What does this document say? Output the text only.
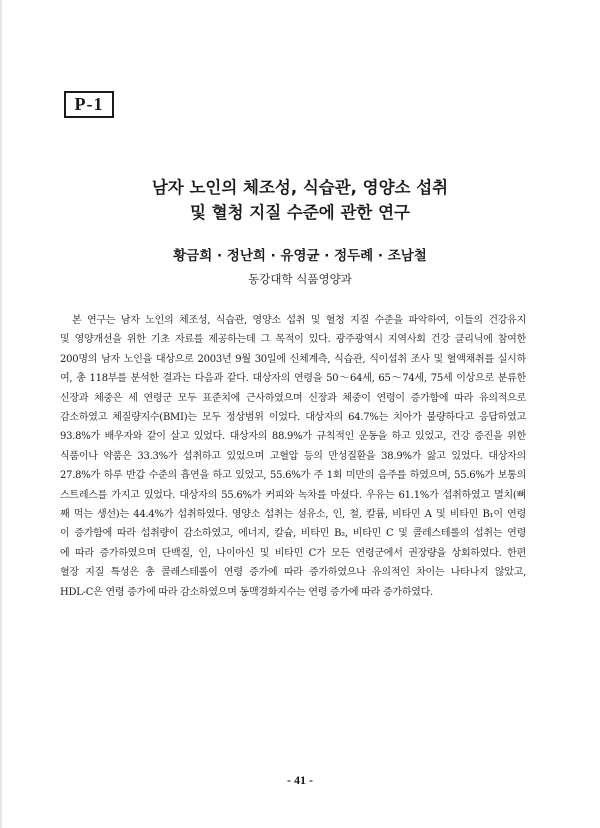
P-1
남자 노인의 체조성, 식습관, 영양소 섭취
및 혈청 지질 수준에 관한 연구
황금희 · 정난희 · 유영균 · 정두례 · 조남철
동강대학 식품영양과
본 연구는 남자 노인의 체조성, 식습관, 영양소 섭취 및 혈청 지질 수준을 파악하여, 이들의 건강유지
및 영양개선을 위한 기초 자료를 제공하는데 그 목적이 있다. 광주광역시 지역사회 건강 클리닉에 참여한
200명의 남자 노인을 대상으로 2003년 9월 30일에 신체계측, 식습관, 식이섭취 조사 및 혈액채취를 실시하
여, 총 118부를 분석한 결과는 다음과 같다. 대상자의 연령을 50～64세, 65～74세, 75세 이상으로 분류한
신장과 체중은 세 연령군 모두 표준치에 근사하였으며 신장과 체중이 연령이 증가함에 따라 유의적으로
감소하였고 체질량지수(BMI)는 모두 정상범위 이었다. 대상자의 64.7%는 치아가 불량하다고 응답하였고
93.8%가 배우자와 같이 살고 있었다. 대상자의 88.9%가 규칙적인 운동을 하고 있었고, 건강 증진을 위한
식품이나 약품은 33.3%가 섭취하고 있었으며 고혈압 등의 만성질환을 38.9%가 앓고 있었다. 대상자의
27.8%가 하루 반갑 수준의 흡연을 하고 있었고, 55.6%가 주 1회 미만의 음주를 하였으며, 55.6%가 보통의
스트레스를 가지고 있었다. 대상자의 55.6%가 커피와 녹차를 마셨다. 우유는 61.1%가 섭취하였고 멸치(뼈
째 먹는 생선)는 44.4%가 섭취하였다. 영양소 섭취는 섬유소, 인, 철, 칼륨, 비타민 A 및 비타민 B₁이 연령
이 증가함에 따라 섭취량이 감소하였고, 에너지, 칼슘, 비타민 B₂, 비타민 C 및 콜레스테롤의 섭취는 연령
에 따라 증가하였으며 단백질, 인, 나이아신 및 비타민 C가 모든 연령군에서 권장량을 상회하였다. 한편
혈장 지질 특성은 총 콜레스테롤이 연령 증가에 따라 증가하였으나 유의적인 차이는 나타나지 않았고,
HDL-C은 연령 증가에 따라 감소하였으며 동맥경화지수는 연령 증가에 따라 증가하였다.
- 41 -
